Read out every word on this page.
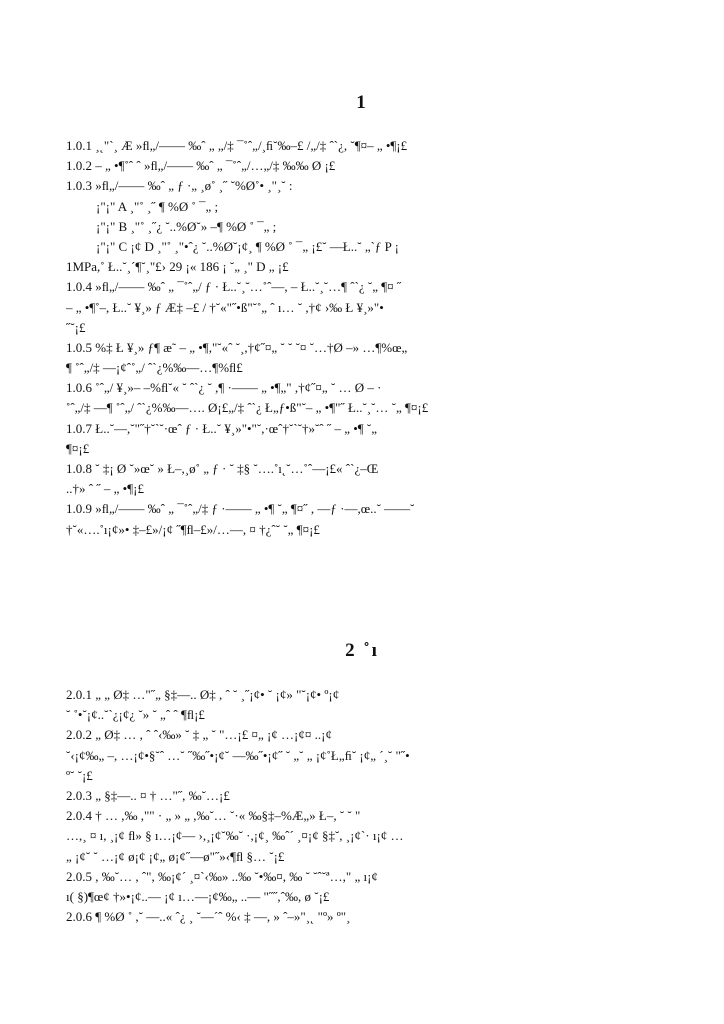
1
1.0.1 ¸˛"`¸ Æ »ﬂ„/—— ‰ˆ „ „/‡ ¯˚ˆ„/¸ﬁ˘‰–£ /„/‡ ˆ`¿, ˘¶¤– „ •¶¡£
1.0.2 – „ •¶˚ˆ ˆ »ﬂ„/—— ‰ˆ „ ¯˚ˆ„/…„/‡ ‰‰ Ø ¡£
1.0.3 »ﬂ„/—— ‰ˆ „ ƒ ·„ ¸ø˚ ¸˝ ˘%Ø˚• ¸"¸˘ :
¡"¡" A ¸"˚ ¸˝ ¶ %Ø ˚ ¯„ ;
¡"¡" B ¸"˚ ¸˝¿ ˘..%Ø˘» –¶ %Ø ˚ ¯„ ;
¡"¡" C ¡¢ D ¸"˚ ¸"•ˆ¿ ˘..%Ø˘¡¢¸ ¶ %Ø ˚ ¯„ ¡£˘ —Ł..˘ „`ƒ P ¡
1MPa,˚ Ł..˘¸´¶˘¸"£› 29 ¡« 186 ¡ ˘„ ¸" D „ ¡£
1.0.4 »ﬂ„/—— ‰ˆ „ ¯˚ˆ„/ ƒ · Ł..˘¸˘…˚ˆ—, – Ł..˘¸˘…¶ ˆ`¿ ˘„ ¶¤ ˝
– „ •¶˚–, Ł..˘ ¥¸» ƒ Æ‡ –£ / †˘«"˝•ß"˘˚„ ˆ ı… ˘ ,†¢ ›‰ Ł ¥¸»"•
˝˘¡£
1.0.5 %‡ Ł ¥¸» ƒ¶ æ˜ – „ •¶,"˘«ˆ ˘¸,†¢˝¤„ ˘ ˘ ˘¤ ˘…†Ø –» …¶%œ„
¶ ˚ˆ„/‡ —¡¢ˆ˚„/ ˆ`¿%‰—…¶%ﬂ£
1.0.6 ˚ˆ„/ ¥¸»– –%ﬂ˘« ˘ ˆ`¿ ˘ ,¶ ·—— „ •¶„" ,†¢˝¤„ ˘ … Ø – ·
˚ˆ„/‡ —¶ ˚ˆ„/ ˆ`¿%‰—…. Ø¡£„/‡ ˆ`¿ Ł„ƒ•ß"˘– „ •¶"˝ Ł..˘¸˘… ˘„ ¶¤¡£
1.0.7 Ł..˘—,˘"˝†˘`˘·œˆ ƒ · Ł..˘ ¥¸»"•"˘,·œˆ†˘`˘†»˘ˆ ˝ – „ •¶ ˘„
¶¤¡£
1.0.8 ˘ ‡¡ Ø ˘»œ˘ » Ł–,¸ø˚ „ ƒ · ˘ ‡§ ˘….˚ı˛˘…˚ˆ—¡£« ˆ`¿–Œ
..†» ˆ ˝ – „ •¶¡£
1.0.9 »ﬂ„/—— ‰ˆ „ ¯˚ˆ„/‡ ƒ ·—— „ •¶ ˘„ ¶¤˝ , —ƒ ·—,œ..˘ ——˘
†˘«….˚ı¡¢»• ‡–£»/¡¢ ˝¶ﬂ–£»/…—, ¤ †¿ˆ˘ ˘„ ¶¤¡£
2 ˚ı
2.0.1 „ „ Ø‡ …"˝„ §‡—.. Ø‡ , ˆ ˘ ¸˝¡¢• ˘ ¡¢» "˘¡¢• º¡¢
˘ ˚•˘¡¢..˘`¿¡¢¿ ˘» ˘ „ˆ ˆ ¶ﬂ¡£
2.0.2 „ Ø‡ … , ˆ ˆ‹‰» ˘ ‡ „ ˘ "…¡£ ¤„ ¡¢ …¡¢¤ ..¡¢
˘‹¡¢‰„ –, …¡¢•§˘ˆ …˘ ˝‰˝•¡¢˘ —‰˝•¡¢˝ ˘ „˘ „ ¡¢˚Ł„ﬁ˘ ¡¢„ ´¸˘ "˝•
º˘ ˘¡£
2.0.3 „ §‡—.. ¤ † …"˝, ‰˘…¡£
2.0.4 † … ,‰ ,"" · „ » „ ,‰˘… ˘·« ‰§‡–%Æ„» Ł–, ˘ ˘ "
…,¸ ¤ ı, ¸¡¢ ﬂ» § ı…¡¢— ›,¸¡¢˘‰˘ ·,¡¢¸ ‰ˆ´ ¸¤¡¢ §‡˘, ¸¡¢`· ı¡¢ …
„ ¡¢˘ ˘ …¡¢ ø¡¢ ¡¢„ ø¡¢˝—ø"˝»‹¶ﬂ §… ˘¡£
2.0.5 , ‰˘… , ˆ", ‰¡¢´ ¸¤`‹‰» ..‰ ˘•‰¤, ‰ ˘ ˘ˆ˘ª…," „ ı¡¢
ı( §)¶œ¢ †»•¡¢..— ¡¢ ı…—¡¢‰„ ..— "˝˝,ˆ‰, ø ˘¡£
2.0.6 ¶ %Ø ˚ ,˘ —..« ˆ¿ ¸ ˘—´ˆ %‹ ‡ —, » ˆ–»"¸˛ "º» º"¸
